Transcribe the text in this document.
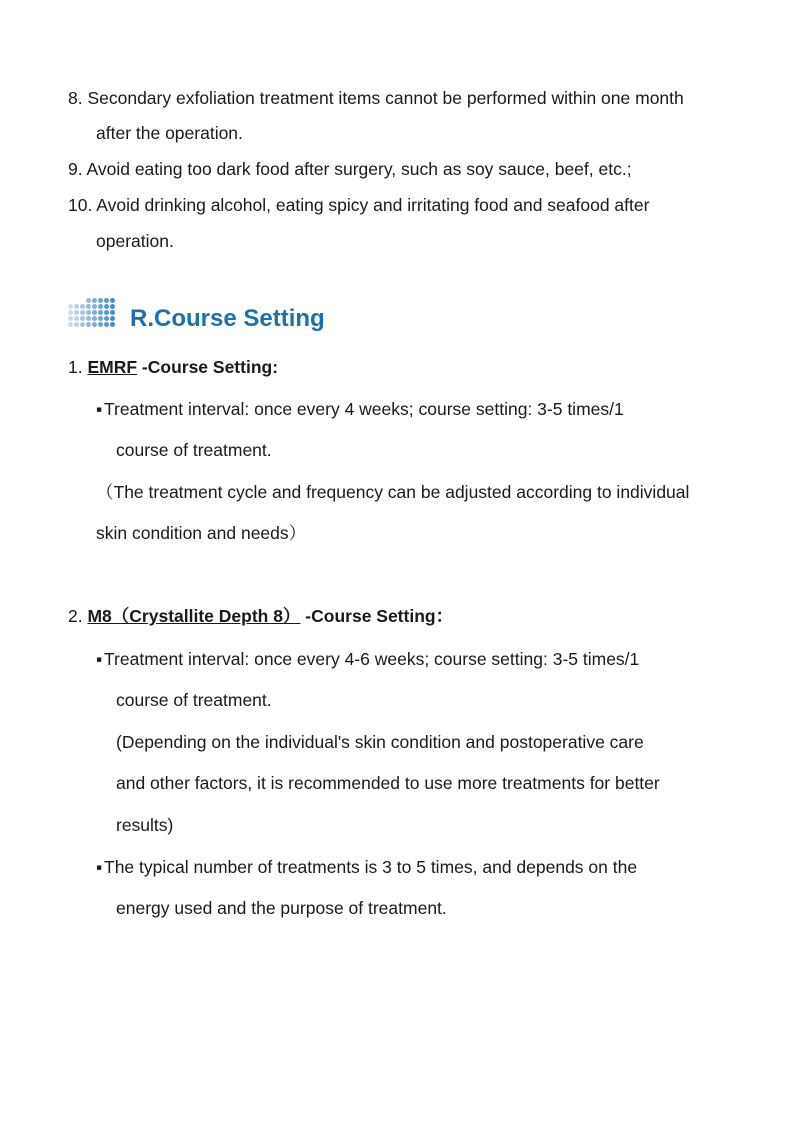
8. Secondary exfoliation treatment items cannot be performed within one month
after the operation.
9. Avoid eating too dark food after surgery, such as soy sauce, beef, etc.;
10. Avoid drinking alcohol, eating spicy and irritating food and seafood after
operation.
R.Course Setting
1. EMRF -Course Setting:
▪ Treatment interval: once every 4 weeks; course setting: 3-5 times/1
course of treatment.
（The treatment cycle and frequency can be adjusted according to individual
skin condition and needs）
2. M8（Crystallite Depth 8） -Course Setting：
▪ Treatment interval: once every 4-6 weeks; course setting: 3-5 times/1
course of treatment.
(Depending on the individual's skin condition and postoperative care
and other factors, it is recommended to use more treatments for better
results)
▪ The typical number of treatments is 3 to 5 times, and depends on the
energy used and the purpose of treatment.
